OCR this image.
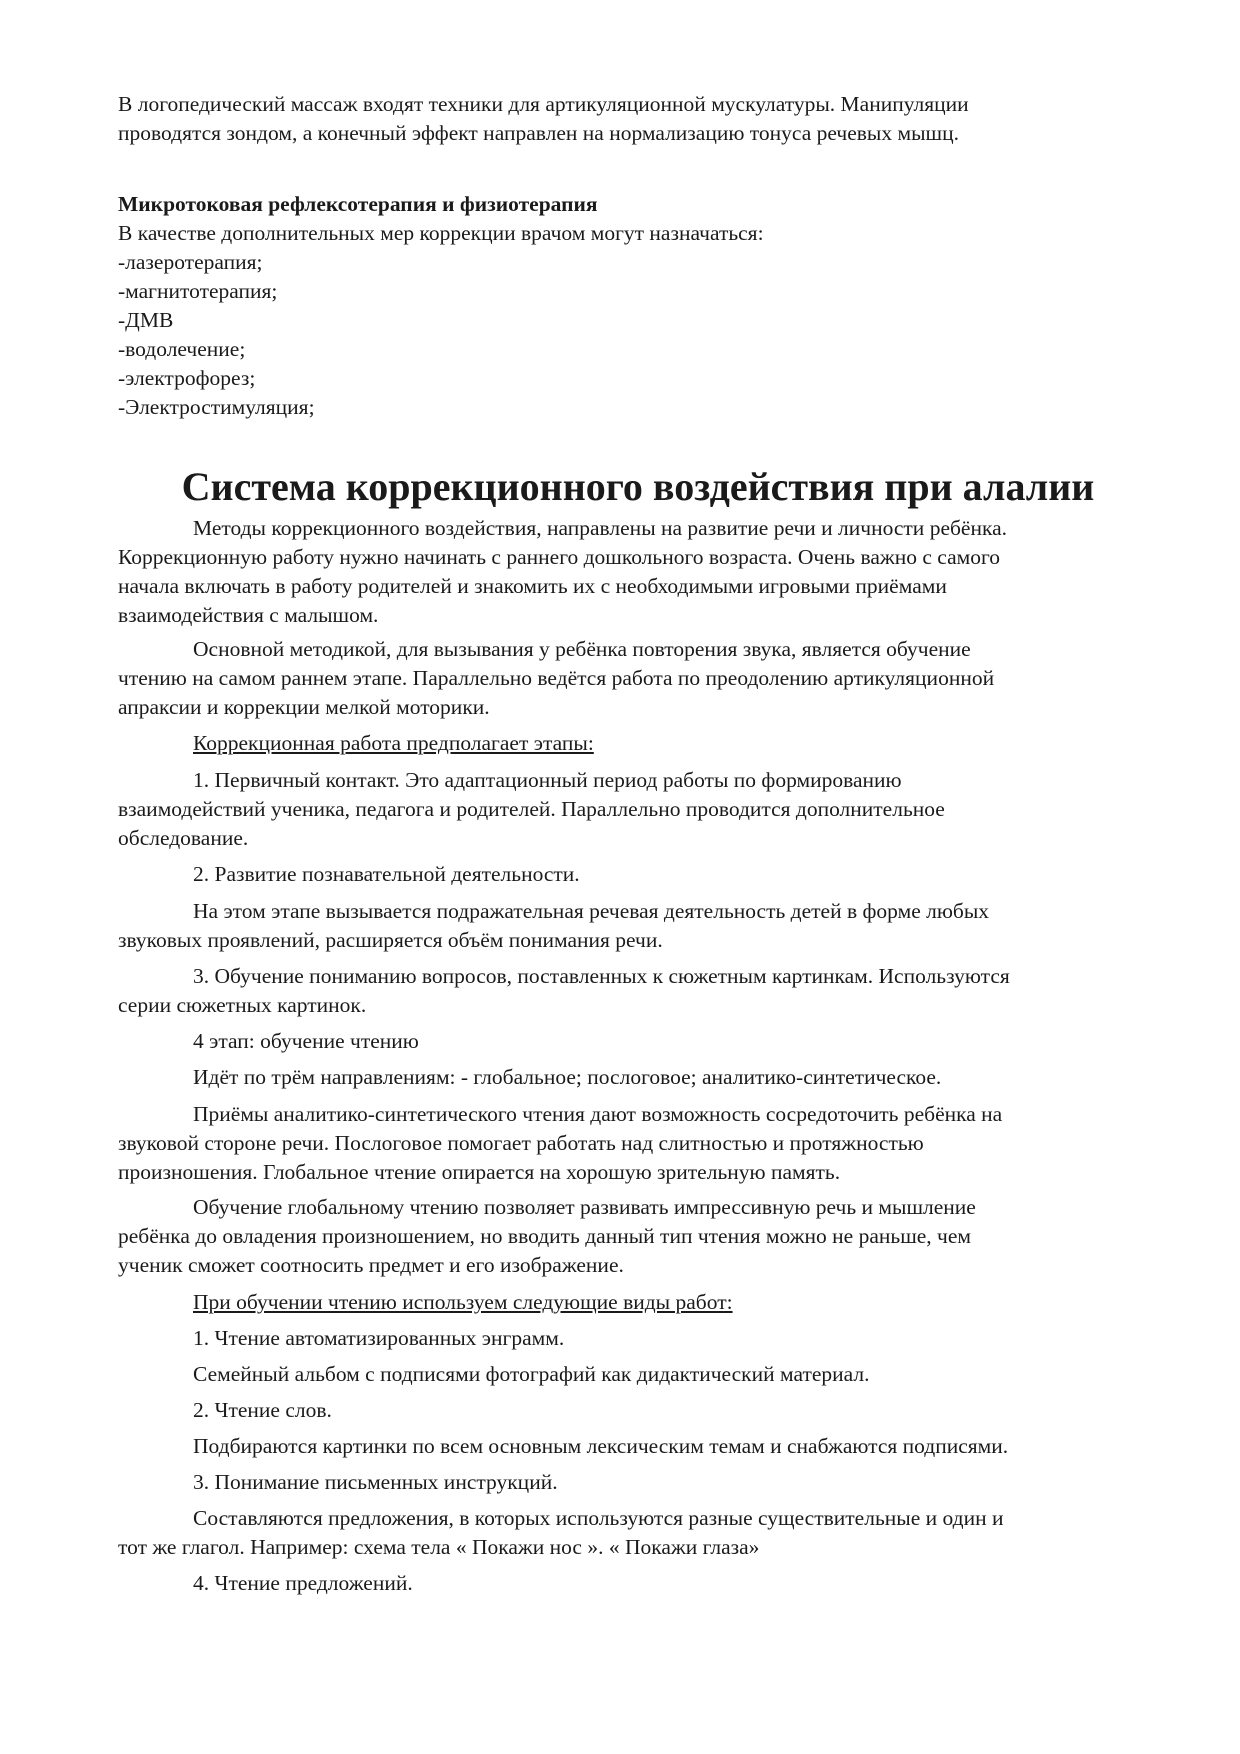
В логопедический массаж входят техники для артикуляционной мускулатуры. Манипуляции
проводятся зондом, а конечный эффект направлен на нормализацию тонуса речевых мышц.
Микротоковая рефлексотерапия и физиотерапия
В качестве дополнительных мер коррекции врачом могут назначаться:
-лазеротерапия;
-магнитотерапия;
-ДМВ
-водолечение;
-электрофорез;
-Электростимуляция;
Система коррекционного воздействия при алалии
Методы коррекционного воздействия, направлены на развитие речи и личности ребёнка.
Коррекционную работу нужно начинать с раннего дошкольного возраста. Очень важно с самого
начала включать в работу родителей и знакомить их с необходимыми игровыми приёмами
взаимодействия с малышом.
Основной методикой, для вызывания у ребёнка повторения звука, является обучение
чтению на самом раннем этапе. Параллельно ведётся работа по преодолению артикуляционной
апраксии и коррекции мелкой моторики.
Коррекционная работа предполагает этапы:
1. Первичный контакт. Это адаптационный период работы по формированию
взаимодействий ученика, педагога и родителей. Параллельно проводится дополнительное
обследование.
2. Развитие познавательной деятельности.
На этом этапе вызывается подражательная речевая деятельность детей в форме любых
звуковых проявлений, расширяется объём понимания речи.
3. Обучение пониманию вопросов, поставленных к сюжетным картинкам. Используются
серии сюжетных картинок.
4 этап: обучение чтению
Идёт по трём направлениям: - глобальное; послоговое; аналитико-синтетическое.
Приёмы аналитико-синтетического чтения дают возможность сосредоточить ребёнка на
звуковой стороне речи. Послоговое помогает работать над слитностью и протяжностью
произношения. Глобальное чтение опирается на хорошую зрительную память.
Обучение глобальному чтению позволяет развивать импрессивную речь и мышление
ребёнка до овладения произношением, но вводить данный тип чтения можно не раньше, чем
ученик сможет соотносить предмет и его изображение.
При обучении чтению используем следующие виды работ:
1. Чтение автоматизированных энграмм.
Семейный альбом с подписями фотографий как дидактический материал.
2. Чтение слов.
Подбираются картинки по всем основным лексическим темам и снабжаются подписями.
3. Понимание письменных инструкций.
Составляются предложения, в которых используются разные существительные и один и
тот же глагол. Например: схема тела « Покажи нос ». « Покажи глаза»
4. Чтение предложений.
